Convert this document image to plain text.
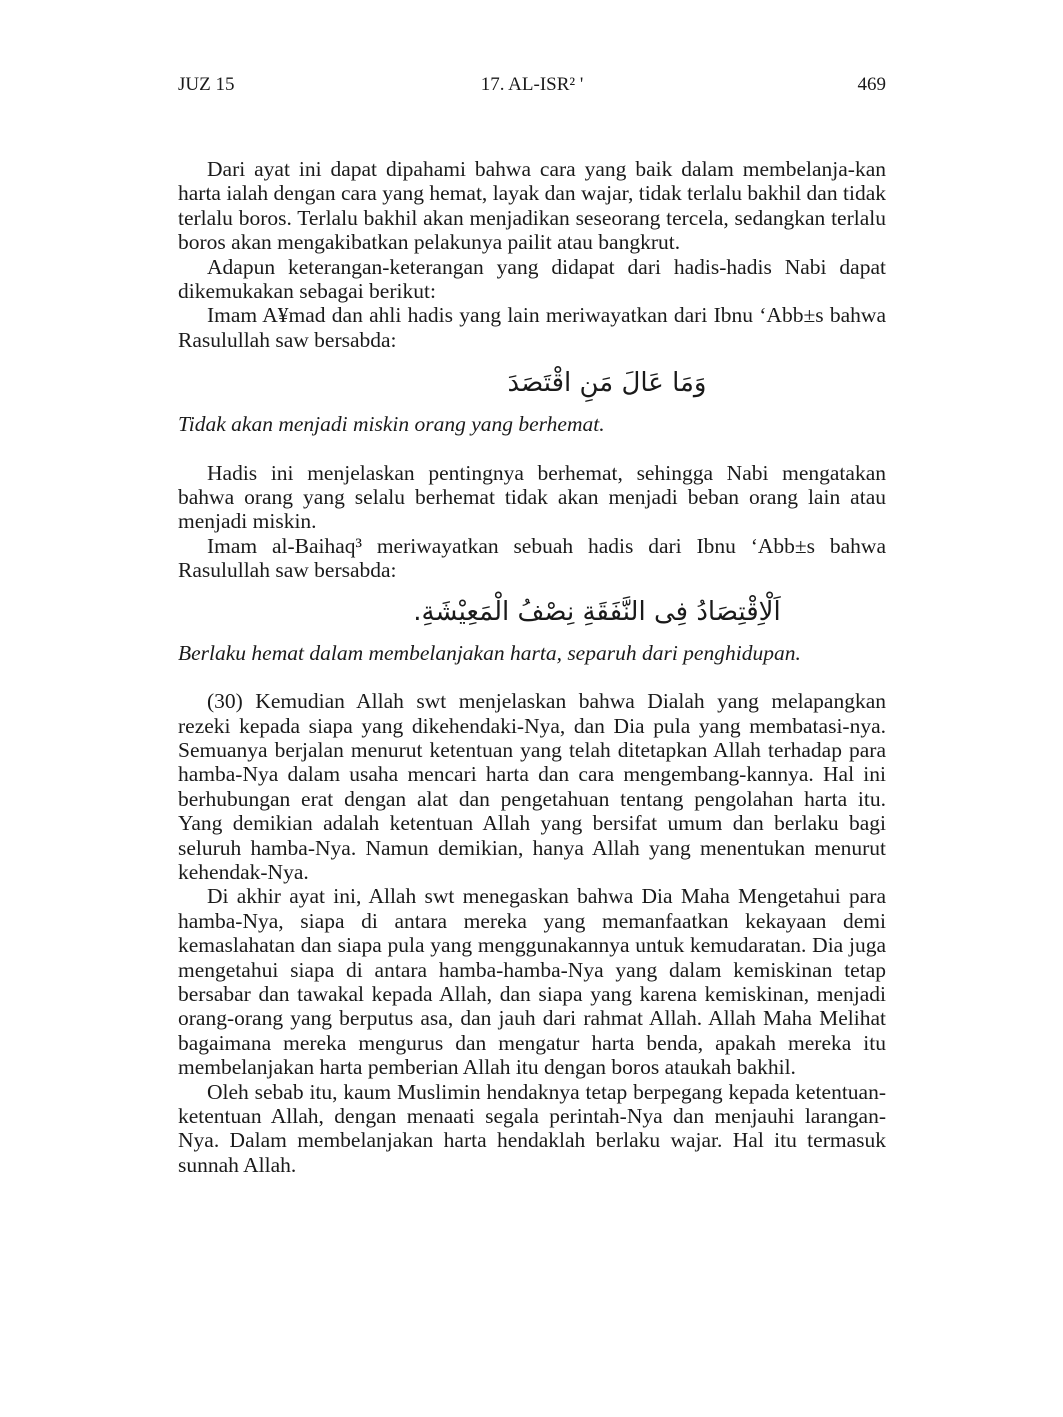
JUZ 15	17. AL-ISR² '	469

Dari ayat ini dapat dipahami bahwa cara yang baik dalam membelanja-kan harta ialah dengan cara yang hemat, layak dan wajar, tidak terlalu bakhil dan tidak terlalu boros. Terlalu bakhil akan menjadikan seseorang tercela, sedangkan terlalu boros akan mengakibatkan pelakunya pailit atau bangkrut.

Adapun keterangan-keterangan yang didapat dari hadis-hadis Nabi dapat dikemukakan sebagai berikut:

Imam A¥mad dan ahli hadis yang lain meriwayatkan dari Ibnu ‘Abb±s bahwa Rasulullah saw bersabda:

وَمَا عَالَ مَنِ اقْتَصَدَ

Tidak akan menjadi miskin orang yang berhemat.

Hadis ini menjelaskan pentingnya berhemat, sehingga Nabi mengatakan bahwa orang yang selalu berhemat tidak akan menjadi beban orang lain atau menjadi miskin.

Imam al-Baihaq³ meriwayatkan sebuah hadis dari Ibnu ‘Abb±s bahwa Rasulullah saw bersabda:

اَلْاِقْتِصَادُ فِى النَّفَقَةِ نِصْفُ الْمَعِيْشَةِ.

Berlaku hemat dalam membelanjakan harta, separuh dari penghidupan.

(30) Kemudian Allah swt menjelaskan bahwa Dialah yang melapangkan rezeki kepada siapa yang dikehendaki-Nya, dan Dia pula yang membatasi-nya. Semuanya berjalan menurut ketentuan yang telah ditetapkan Allah terhadap para hamba-Nya dalam usaha mencari harta dan cara mengembang-kannya. Hal ini berhubungan erat dengan alat dan pengetahuan tentang pengolahan harta itu. Yang demikian adalah ketentuan Allah yang bersifat umum dan berlaku bagi seluruh hamba-Nya. Namun demikian, hanya Allah yang menentukan menurut kehendak-Nya.

Di akhir ayat ini, Allah swt menegaskan bahwa Dia Maha Mengetahui para hamba-Nya, siapa di antara mereka yang memanfaatkan kekayaan demi kemaslahatan dan siapa pula yang menggunakannya untuk kemudaratan. Dia juga mengetahui siapa di antara hamba-hamba-Nya yang dalam kemiskinan tetap bersabar dan tawakal kepada Allah, dan siapa yang karena kemiskinan, menjadi orang-orang yang berputus asa, dan jauh dari rahmat Allah. Allah Maha Melihat bagaimana mereka mengurus dan mengatur harta benda, apakah mereka itu membelanjakan harta pemberian Allah itu dengan boros ataukah bakhil.

Oleh sebab itu, kaum Muslimin hendaknya tetap berpegang kepada ketentuan-ketentuan Allah, dengan menaati segala perintah-Nya dan menjauhi larangan-Nya. Dalam membelanjakan harta hendaklah berlaku wajar. Hal itu termasuk sunnah Allah.
